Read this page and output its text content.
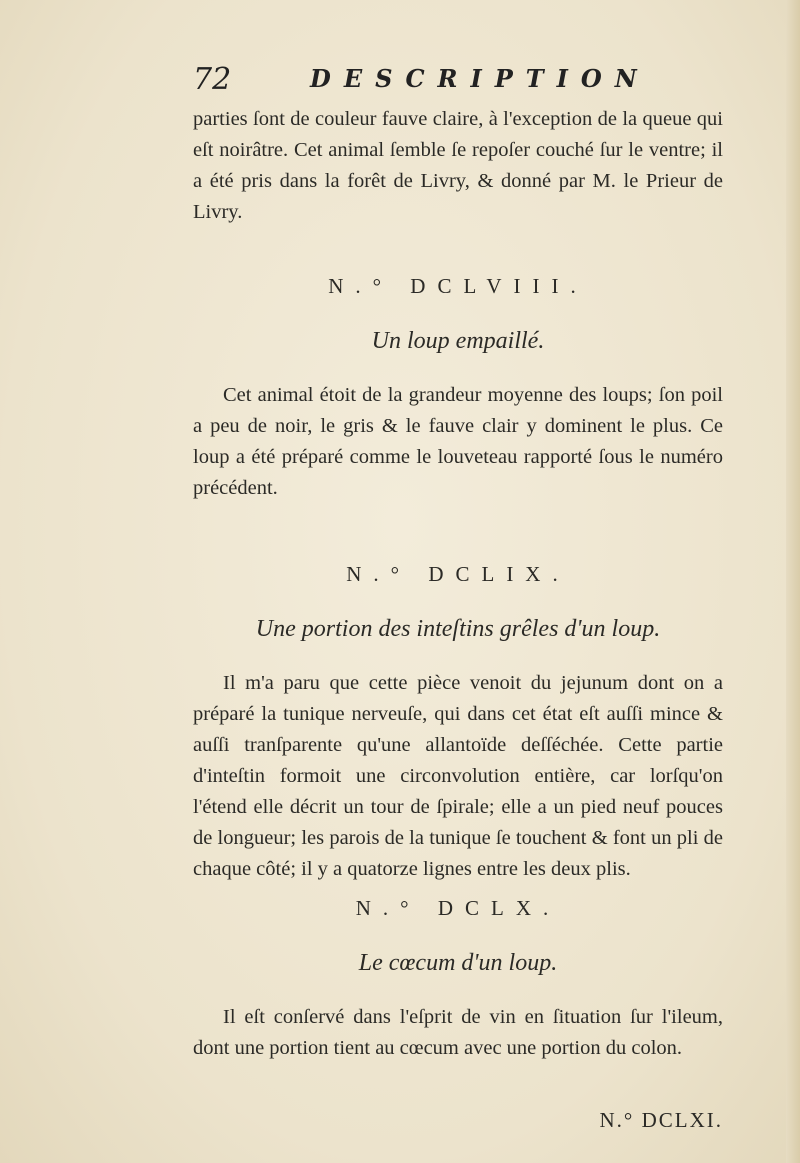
72	DESCRIPTION

parties ſont de couleur fauve claire, à l'exception de la queue qui eſt noirâtre. Cet animal ſemble ſe repoſer couché ſur le ventre; il a été pris dans la forêt de Livry, & donné par M. le Prieur de Livry.

N.° DCLVIII.
Un loup empaillé.

Cet animal étoit de la grandeur moyenne des loups; ſon poil a peu de noir, le gris & le fauve clair y dominent le plus. Ce loup a été préparé comme le louveteau rapporté ſous le numéro précédent.

N.° DCLIX.
Une portion des inteſtins grêles d'un loup.

Il m'a paru que cette pièce venoit du jejunum dont on a préparé la tunique nerveuſe, qui dans cet état eſt auſſi mince & auſſi tranſparente qu'une allantoïde deſſéchée. Cette partie d'inteſtin formoit une circonvolution entière, car lorſqu'on l'étend elle décrit un tour de ſpirale; elle a un pied neuf pouces de longueur; les parois de la tunique ſe touchent & font un pli de chaque côté; il y a quatorze lignes entre les deux plis.

N.° DCLX.
Le cœcum d'un loup.

Il eſt conſervé dans l'eſprit de vin en ſituation ſur l'ileum, dont une portion tient au cœcum avec une portion du colon.

N.° DCLXI.
